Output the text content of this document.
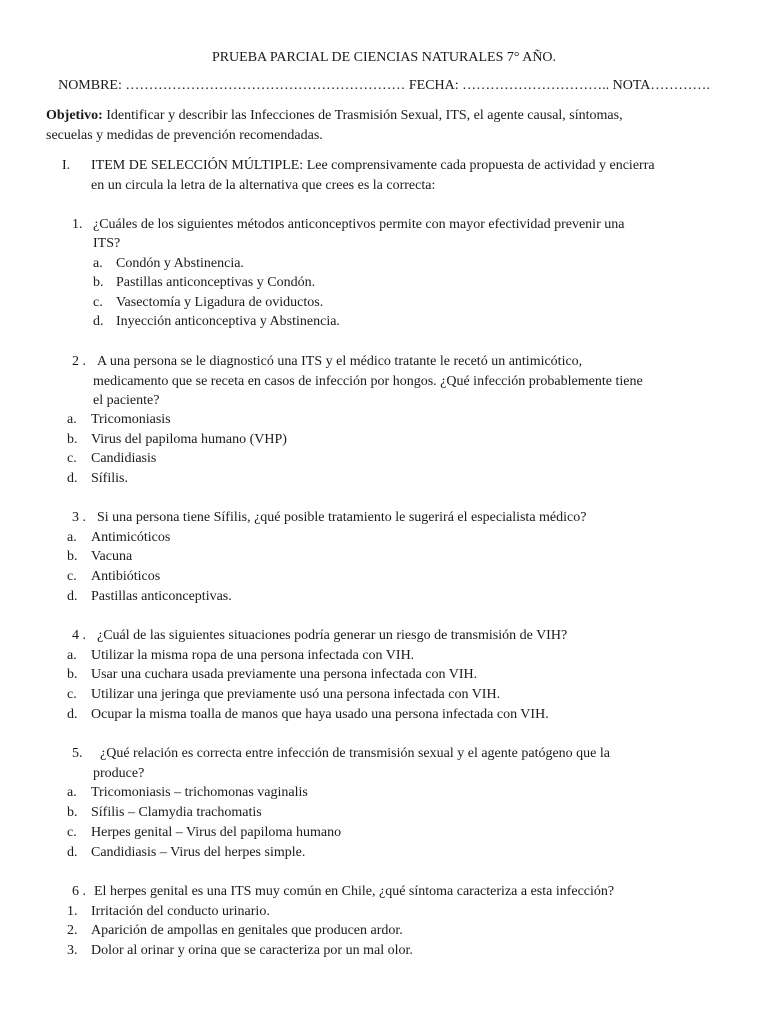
PRUEBA PARCIAL DE CIENCIAS NATURALES 7° AÑO.
NOMBRE: …………………………………………………… FECHA: ………………………….. NOTA………….
Objetivo: Identificar y describir las Infecciones de Trasmisión Sexual, ITS, el agente causal, síntomas,
secuelas y medidas de prevención recomendadas.
I. ITEM DE SELECCIÓN MÚLTIPLE: Lee comprensivamente cada propuesta de actividad y encierra
en un circula la letra de la alternativa que crees es la correcta:
1. ¿Cuáles de los siguientes métodos anticonceptivos permite con mayor efectividad prevenir una
ITS?
a. Condón y Abstinencia.
b. Pastillas anticonceptivas y Condón.
c. Vasectomía y Ligadura de oviductos.
d. Inyección anticonceptiva y Abstinencia.
2 . A una persona se le diagnosticó una ITS y el médico tratante le recetó un antimicótico,
medicamento que se receta en casos de infección por hongos. ¿Qué infección probablemente tiene
el paciente?
a. Tricomoniasis
b. Virus del papiloma humano (VHP)
c. Candidiasis
d. Sífilis.
3 . Si una persona tiene Sífilis, ¿qué posible tratamiento le sugerirá el especialista médico?
a. Antimicóticos
b. Vacuna
c. Antibióticos
d. Pastillas anticonceptivas.
4 . ¿Cuál de las siguientes situaciones podría generar un riesgo de transmisión de VIH?
a. Utilizar la misma ropa de una persona infectada con VIH.
b. Usar una cuchara usada previamente una persona infectada con VIH.
c. Utilizar una jeringa que previamente usó una persona infectada con VIH.
d. Ocupar la misma toalla de manos que haya usado una persona infectada con VIH.
5. ¿Qué relación es correcta entre infección de transmisión sexual y el agente patógeno que la
produce?
a. Tricomoniasis – trichomonas vaginalis
b. Sífilis – Clamydia trachomatis
c. Herpes genital – Virus del papiloma humano
d. Candidiasis – Virus del herpes simple.
6 . El herpes genital es una ITS muy común en Chile, ¿qué síntoma caracteriza a esta infección?
1. Irritación del conducto urinario.
2. Aparición de ampollas en genitales que producen ardor.
3. Dolor al orinar y orina que se caracteriza por un mal olor.
